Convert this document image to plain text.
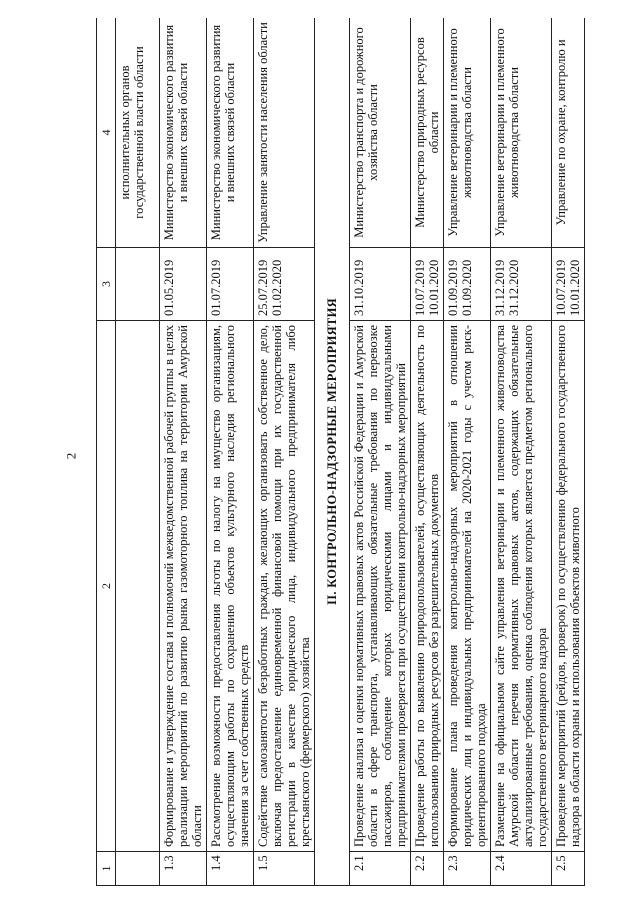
2
1	2	3	4
			исполнительных органов государственной власти области
1.3	Формирование и утверждение состава и полномочий межведомственной рабочей группы в целях реализации мероприятий по развитию рынка газомоторного топлива на территории Амурской области	01.05.2019	Министерство экономического развития и внешних связей области
1.4	Рассмотрение возможности предоставления льготы по налогу на имущество организациям, осуществляющим работы по сохранению объектов культурного наследия регионального значения за счет собственных средств	01.07.2019	Министерство экономического развития и внешних связей области
1.5	Содействие самозанятости безработных граждан, желающих организовать собственное дело, включая предоставление единовременной финансовой помощи при их государственной регистрации в качестве юридического лица, индивидуального предпринимателя либо крестьянского (фермерского) хозяйства	25.07.2019 01.02.2020	Управление занятости населения области
II. КОНТРОЛЬНО-НАДЗОРНЫЕ МЕРОПРИЯТИЯ			
2.1	Проведение анализа и оценки нормативных правовых актов Российской Федерации и Амурской области в сфере транспорта, устанавливающих обязательные требования по перевозке пассажиров, соблюдение которых юридическими лицами и индивидуальными предпринимателями проверяется при осуществлении контрольно-надзорных мероприятий	31.10.2019	Министерство транспорта и дорожного хозяйства области
2.2	Проведение работы по выявлению природопользователей, осуществляющих деятельность по использованию природных ресурсов без разрешительных документов	10.07.2019 10.01.2020	Министерство природных ресурсов области
2.3	Формирование плана проведения контрольно-надзорных мероприятий в отношении юридических лиц и индивидуальных предпринимателей на 2020-2021 годы с учетом риск-ориентированного подхода	01.09.2019 01.09.2020	Управление ветеринарии и племенного животноводства области
2.4	Размещение на официальном сайте управления ветеринарии и племенного животноводства Амурской области перечня нормативных правовых актов, содержащих обязательные актуализированные требования, оценка соблюдения которых является предметом регионального государственного ветеринарного надзора	31.12.2019 31.12.2020	Управление ветеринарии и племенного животноводства области
2.5	Проведение мероприятий (рейдов, проверок) по осуществлению федерального государственного надзора в области охраны и использования объектов животного	10.07.2019 10.01.2020	Управление по охране, контролю и
